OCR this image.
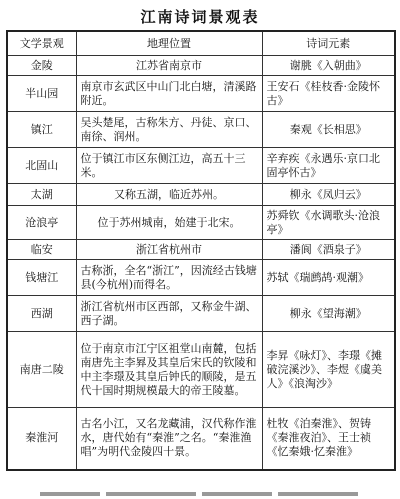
江南诗词景观表
文学景观	地理位置	诗词元素
金陵	江苏省南京市	谢朓《入朝曲》
半山园	南京市玄武区中山门北白塘，清溪路附近。	王安石《桂枝香·金陵怀古》
镇江	吴头楚尾，古称朱方、丹徒、京口、南徐、润州。	秦观《长相思》
北固山	位于镇江市区东侧江边，高五十三米。	辛弃疾《永遇乐·京口北固亭怀古》
太湖	又称五湖，临近苏州。	柳永《凤归云》
沧浪亭	位于苏州城南，始建于北宋。	苏舜钦《水调歌头·沧浪亭》
临安	浙江省杭州市	潘阆《酒泉子》
钱塘江	古称浙，全名“浙江”，因流经古钱塘县(今杭州)而得名。	苏轼《瑞鹧鸪·观潮》
西湖	浙江省杭州市区西部，又称金牛湖、西子湖。	柳永《望海潮》
南唐二陵	位于南京市江宁区祖堂山南麓，包括南唐先主李昪及其皇后宋氏的钦陵和中主李璟及其皇后钟氏的顺陵，是五代十国时期规模最大的帝王陵墓。	李昇《咏灯》、李璟《摊破浣溪沙》、李煜《虞美人》《浪淘沙》
秦淮河	古名小江，又名龙藏浦，汉代称作淮水，唐代始有“秦淮”之名。“秦淮渔唱”为明代金陵四十景。	杜牧《泊秦淮》、贺铸《秦淮夜泊》、王士祯《忆秦娥·忆秦淮》
